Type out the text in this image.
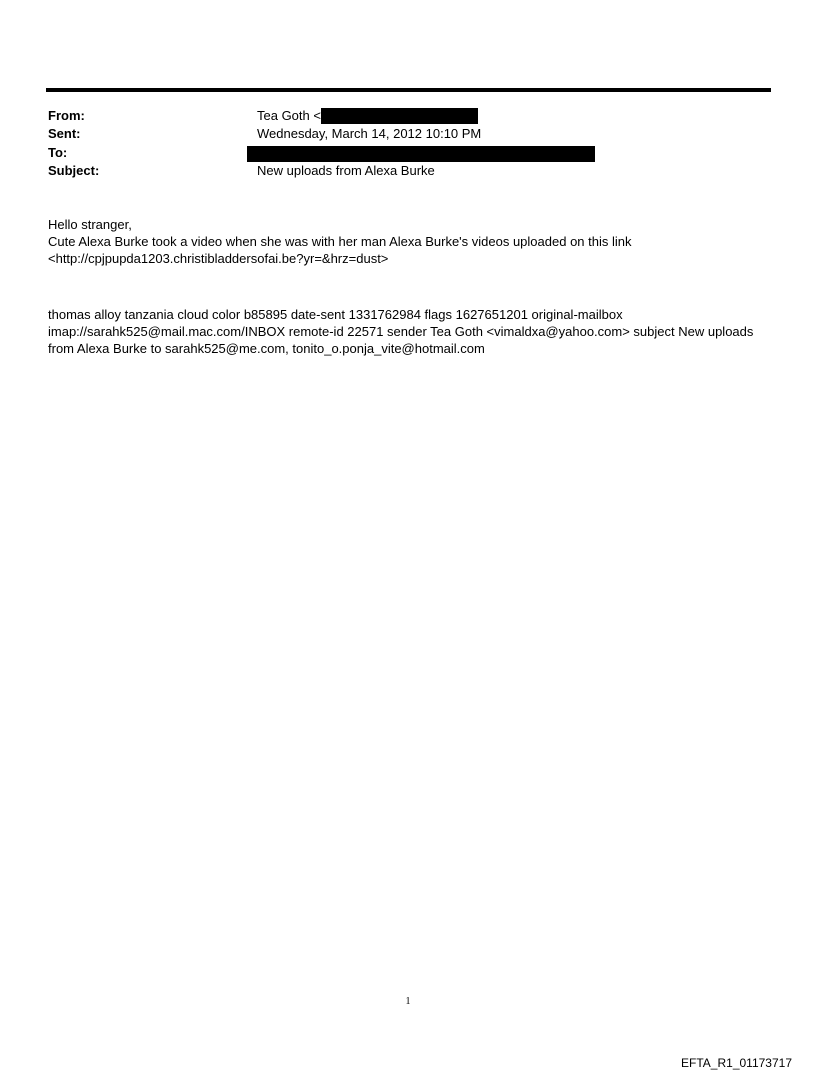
From:	Tea Goth <
Sent:	Wednesday, March 14, 2012 10:10 PM
To:
Subject:	New uploads from Alexa Burke

Hello stranger,

Cute Alexa Burke took a video when she was with her man Alexa Burke's videos uploaded on this link

<http://cpjpupda1203.christibladdersofai.be?yr=&hrz=dust>

thomas alloy tanzania cloud color b85895 date-sent 1331762984 flags 1627651201 original-mailbox imap://sarahk525@mail.mac.com/INBOX remote-id 22571 sender Tea Goth <vimaldxa@yahoo.com> subject New uploads from Alexa Burke to sarahk525@me.com, tonito_o.ponja_vite@hotmail.com

1
EFTA_R1_01173717
